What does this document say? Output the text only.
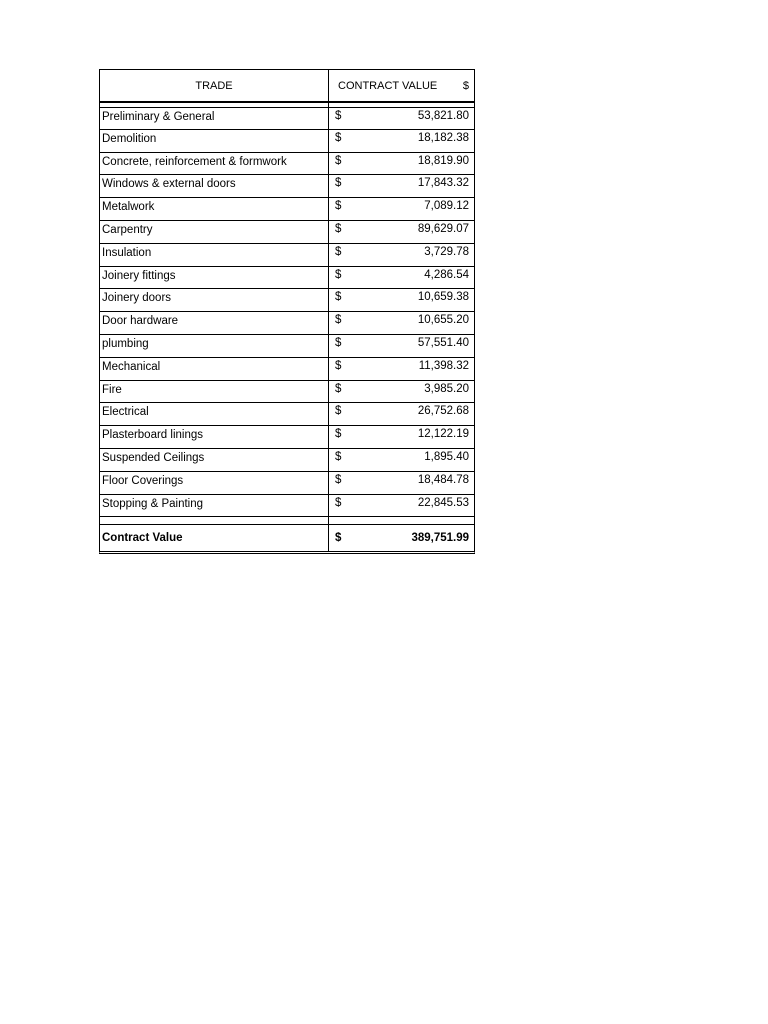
TRADE	CONTRACT VALUE $
Preliminary & General	$	53,821.80
Demolition	$	18,182.38
Concrete, reinforcement & formwork	$	18,819.90
Windows & external doors	$	17,843.32
Metalwork	$	7,089.12
Carpentry	$	89,629.07
Insulation	$	3,729.78
Joinery fittings	$	4,286.54
Joinery doors	$	10,659.38
Door hardware	$	10,655.20
plumbing	$	57,551.40
Mechanical	$	11,398.32
Fire	$	3,985.20
Electrical	$	26,752.68
Plasterboard linings	$	12,122.19
Suspended Ceilings	$	1,895.40
Floor Coverings	$	18,484.78
Stopping & Painting	$	22,845.53
Contract Value	$	389,751.99
